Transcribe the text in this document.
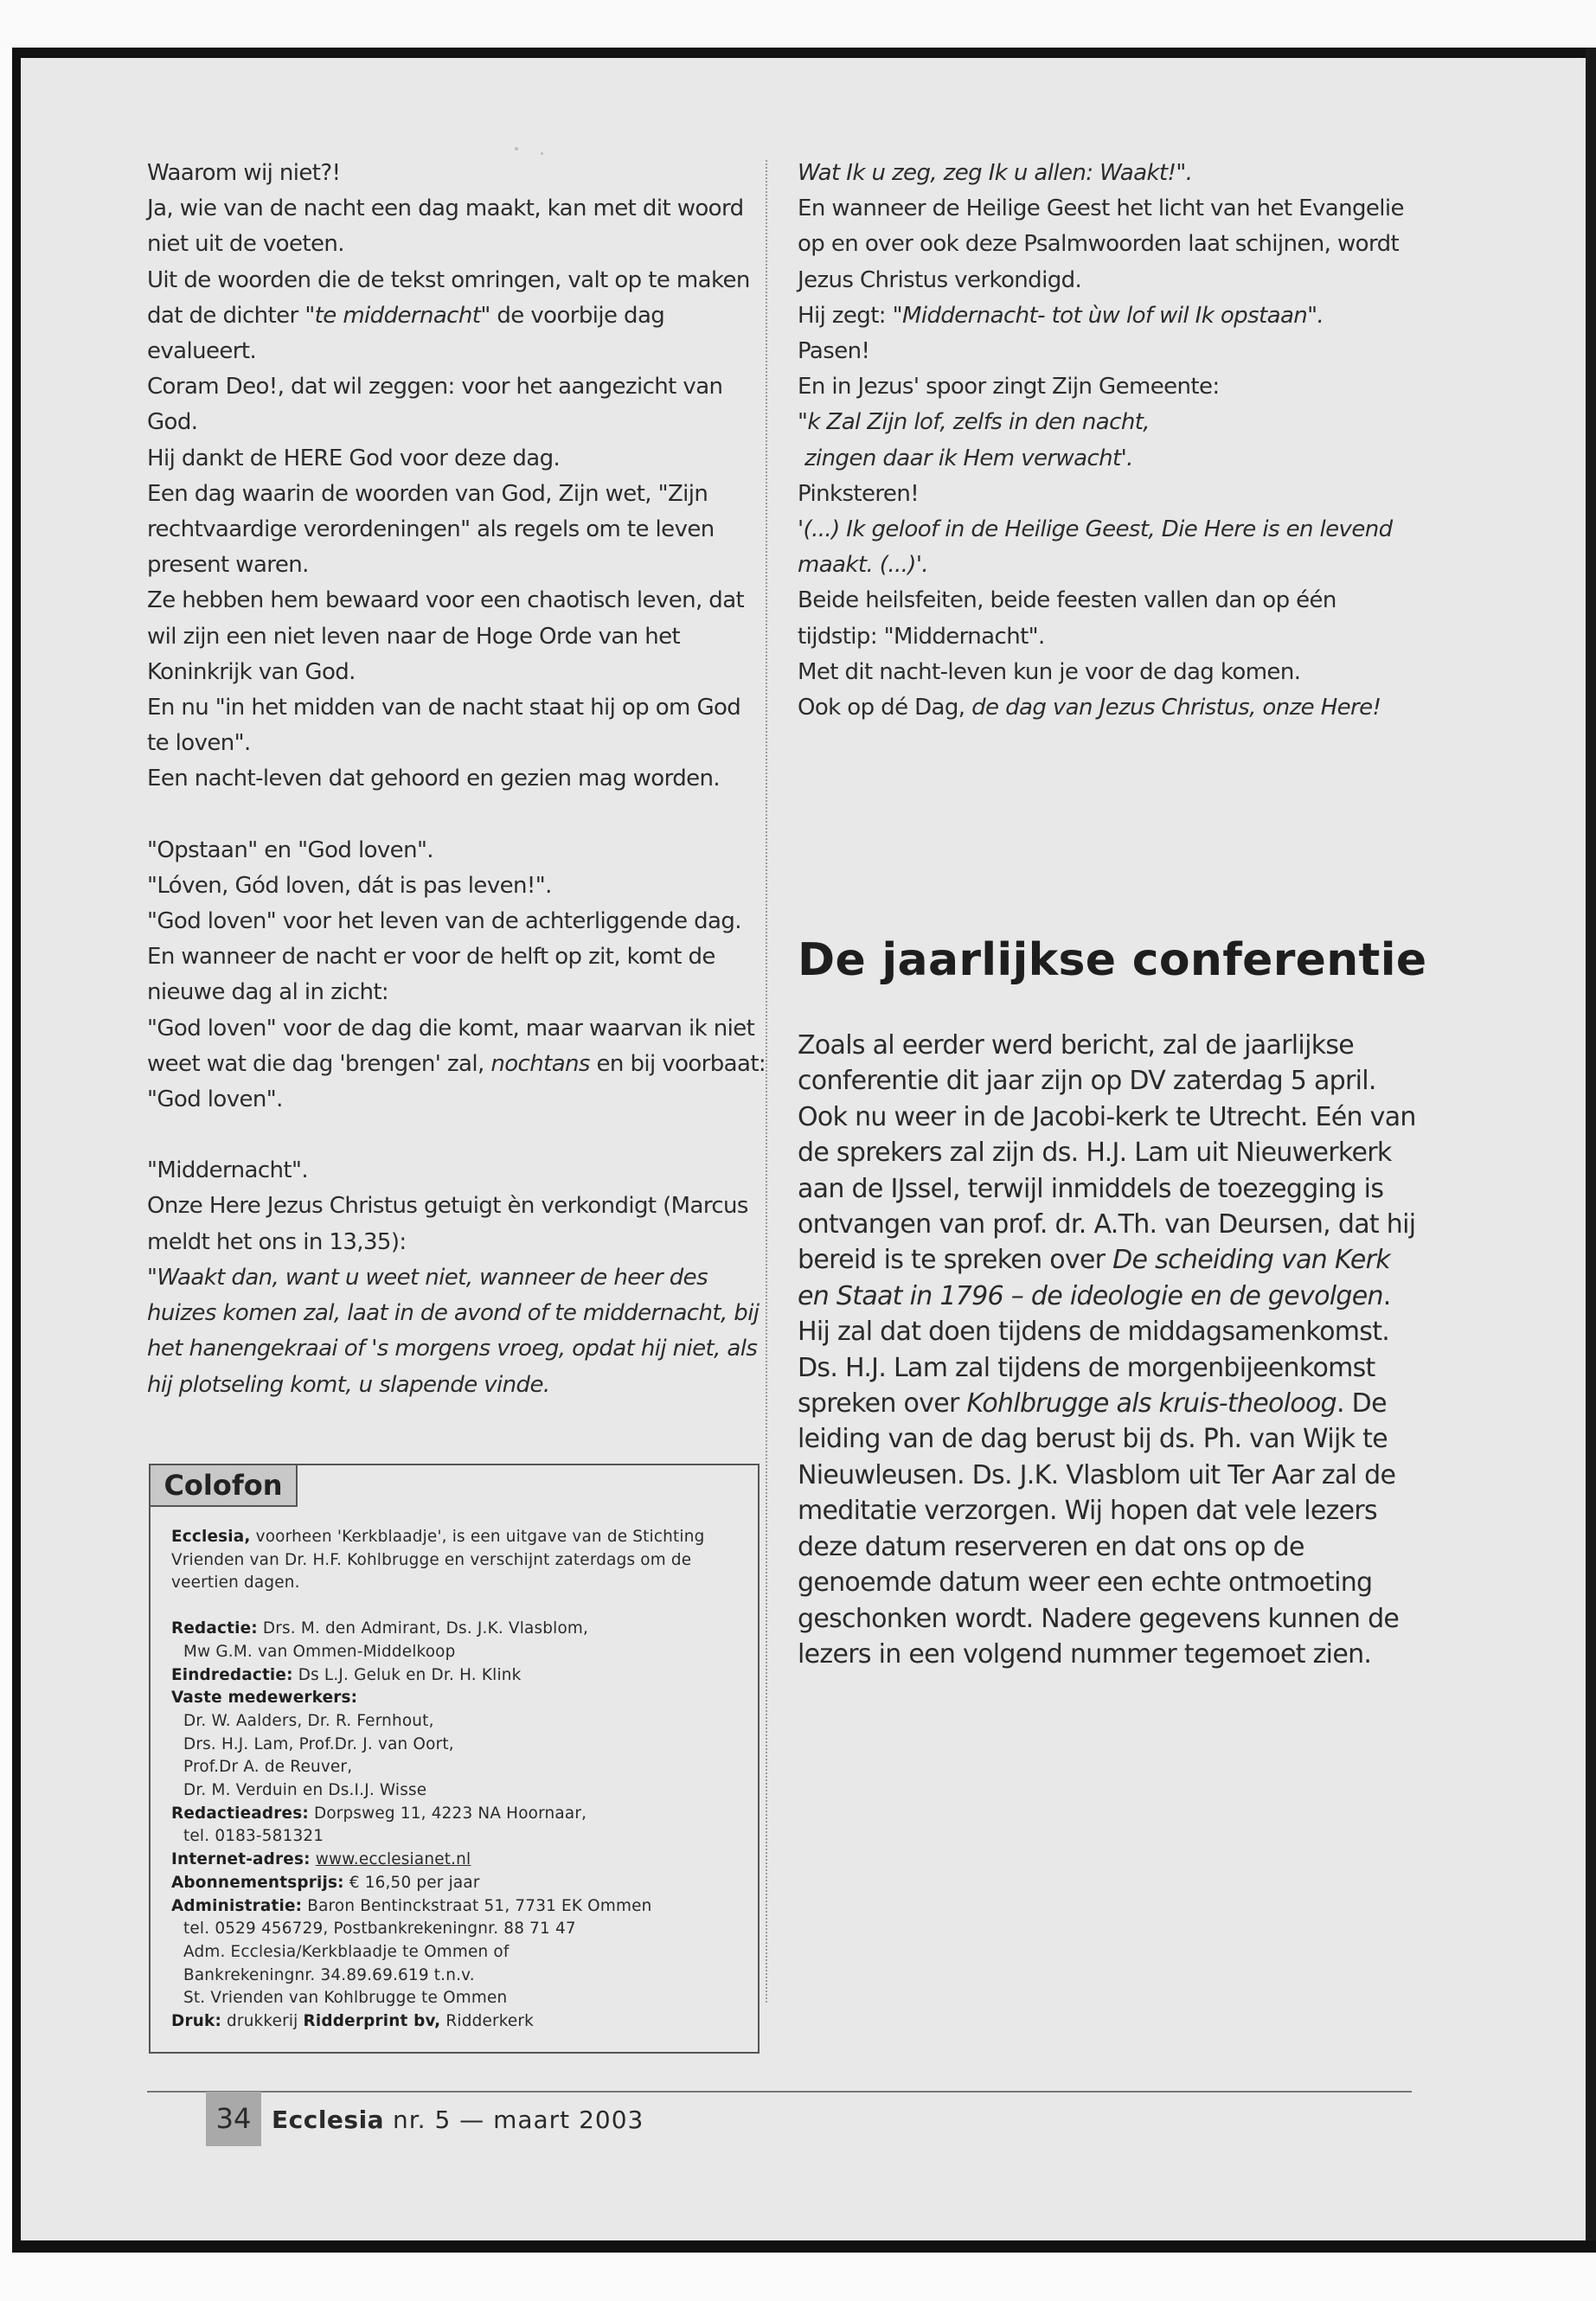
Waarom wij niet?!

Ja, wie van de nacht een dag maakt, kan met dit woord niet uit de voeten.

Uit de woorden die de tekst omringen, valt op te maken dat de dichter "te middernacht" de voorbije dag evalueert.

Coram Deo!, dat wil zeggen: voor het aangezicht van God.

Hij dankt de HERE God voor deze dag.

Een dag waarin de woorden van God, Zijn wet, "Zijn rechtvaardige verordeningen" als regels om te leven present waren.

Ze hebben hem bewaard voor een chaotisch leven, dat wil zijn een niet leven naar de Hoge Orde van het Koninkrijk van God.

En nu "in het midden van de nacht staat hij op om God te loven".

Een nacht-leven dat gehoord en gezien mag worden.

"Opstaan" en "God loven".

"Lóven, Gód loven, dát is pas leven!".

"God loven" voor het leven van de achterliggende dag.

En wanneer de nacht er voor de helft op zit, komt de nieuwe dag al in zicht:

"God loven" voor de dag die komt, maar waarvan ik niet weet wat die dag 'brengen' zal, nochtans en bij voorbaat: "God loven".

"Middernacht".

Onze Here Jezus Christus getuigt èn verkondigt (Marcus meldt het ons in 13,35):

"Waakt dan, want u weet niet, wanneer de heer des huizes komen zal, laat in de avond of te middernacht, bij het hanengekraai of 's morgens vroeg, opdat hij niet, als hij plotseling komt, u slapende vinde.

Wat Ik u zeg, zeg Ik u allen: Waakt!".

En wanneer de Heilige Geest het licht van het Evangelie op en over ook deze Psalmwoorden laat schijnen, wordt Jezus Christus verkondigd.

Hij zegt: "Middernacht- tot ùw lof wil Ik opstaan".

Pasen!

En in Jezus' spoor zingt Zijn Gemeente:

"k Zal Zijn lof, zelfs in den nacht,

zingen daar ik Hem verwacht'.

Pinksteren!

'(...) Ik geloof in de Heilige Geest, Die Here is en levend maakt. (...)'.

Beide heilsfeiten, beide feesten vallen dan op één tijdstip: "Middernacht".

Met dit nacht-leven kun je voor de dag komen.

Ook op dé Dag, de dag van Jezus Christus, onze Here!

De jaarlijkse conferentie
Zoals al eerder werd bericht, zal de jaarlijkse conferentie dit jaar zijn op DV zaterdag 5 april. Ook nu weer in de Jacobi-kerk te Utrecht. Eén van de sprekers zal zijn ds. H.J. Lam uit Nieuwerkerk aan de IJssel, terwijl inmiddels de toezegging is ontvangen van prof. dr. A.Th. van Deursen, dat hij bereid is te spreken over De scheiding van Kerk en Staat in 1796 – de ideologie en de gevolgen. Hij zal dat doen tijdens de middagsamenkomst. Ds. H.J. Lam zal tijdens de morgenbijeenkomst spreken over Kohlbrugge als kruis-theoloog. De leiding van de dag berust bij ds. Ph. van Wijk te Nieuwleusen. Ds. J.K. Vlasblom uit Ter Aar zal de meditatie verzorgen. Wij hopen dat vele lezers deze datum reserveren en dat ons op de genoemde datum weer een echte ontmoeting geschonken wordt. Nadere gegevens kunnen de lezers in een volgend nummer tegemoet zien.
Colofon
Ecclesia, voorheen 'Kerkblaadje', is een uitgave van de Stichting Vrienden van Dr. H.F. Kohlbrugge en verschijnt zaterdags om de veertien dagen.
Redactie: Drs. M. den Admirant, Ds. J.K. Vlasblom,
Mw G.M. van Ommen-Middelkoop
Eindredactie: Ds L.J. Geluk en Dr. H. Klink
Vaste medewerkers:
Dr. W. Aalders, Dr. R. Fernhout,
Drs. H.J. Lam, Prof.Dr. J. van Oort,
Prof.Dr A. de Reuver,
Dr. M. Verduin en Ds.I.J. Wisse
Redactieadres: Dorpsweg 11, 4223 NA Hoornaar,
tel. 0183-581321
Internet-adres: www.ecclesianet.nl
Abonnementsprijs: € 16,50 per jaar
Administratie: Baron Bentinckstraat 51, 7731 EK Ommen
tel. 0529 456729, Postbankrekeningnr. 88 71 47
Adm. Ecclesia/Kerkblaadje te Ommen of
Bankrekeningnr. 34.89.69.619 t.n.v.
St. Vrienden van Kohlbrugge te Ommen
Druk: drukkerij Ridderprint bv, Ridderkerk
34 Ecclesia nr. 5 — maart 2003
